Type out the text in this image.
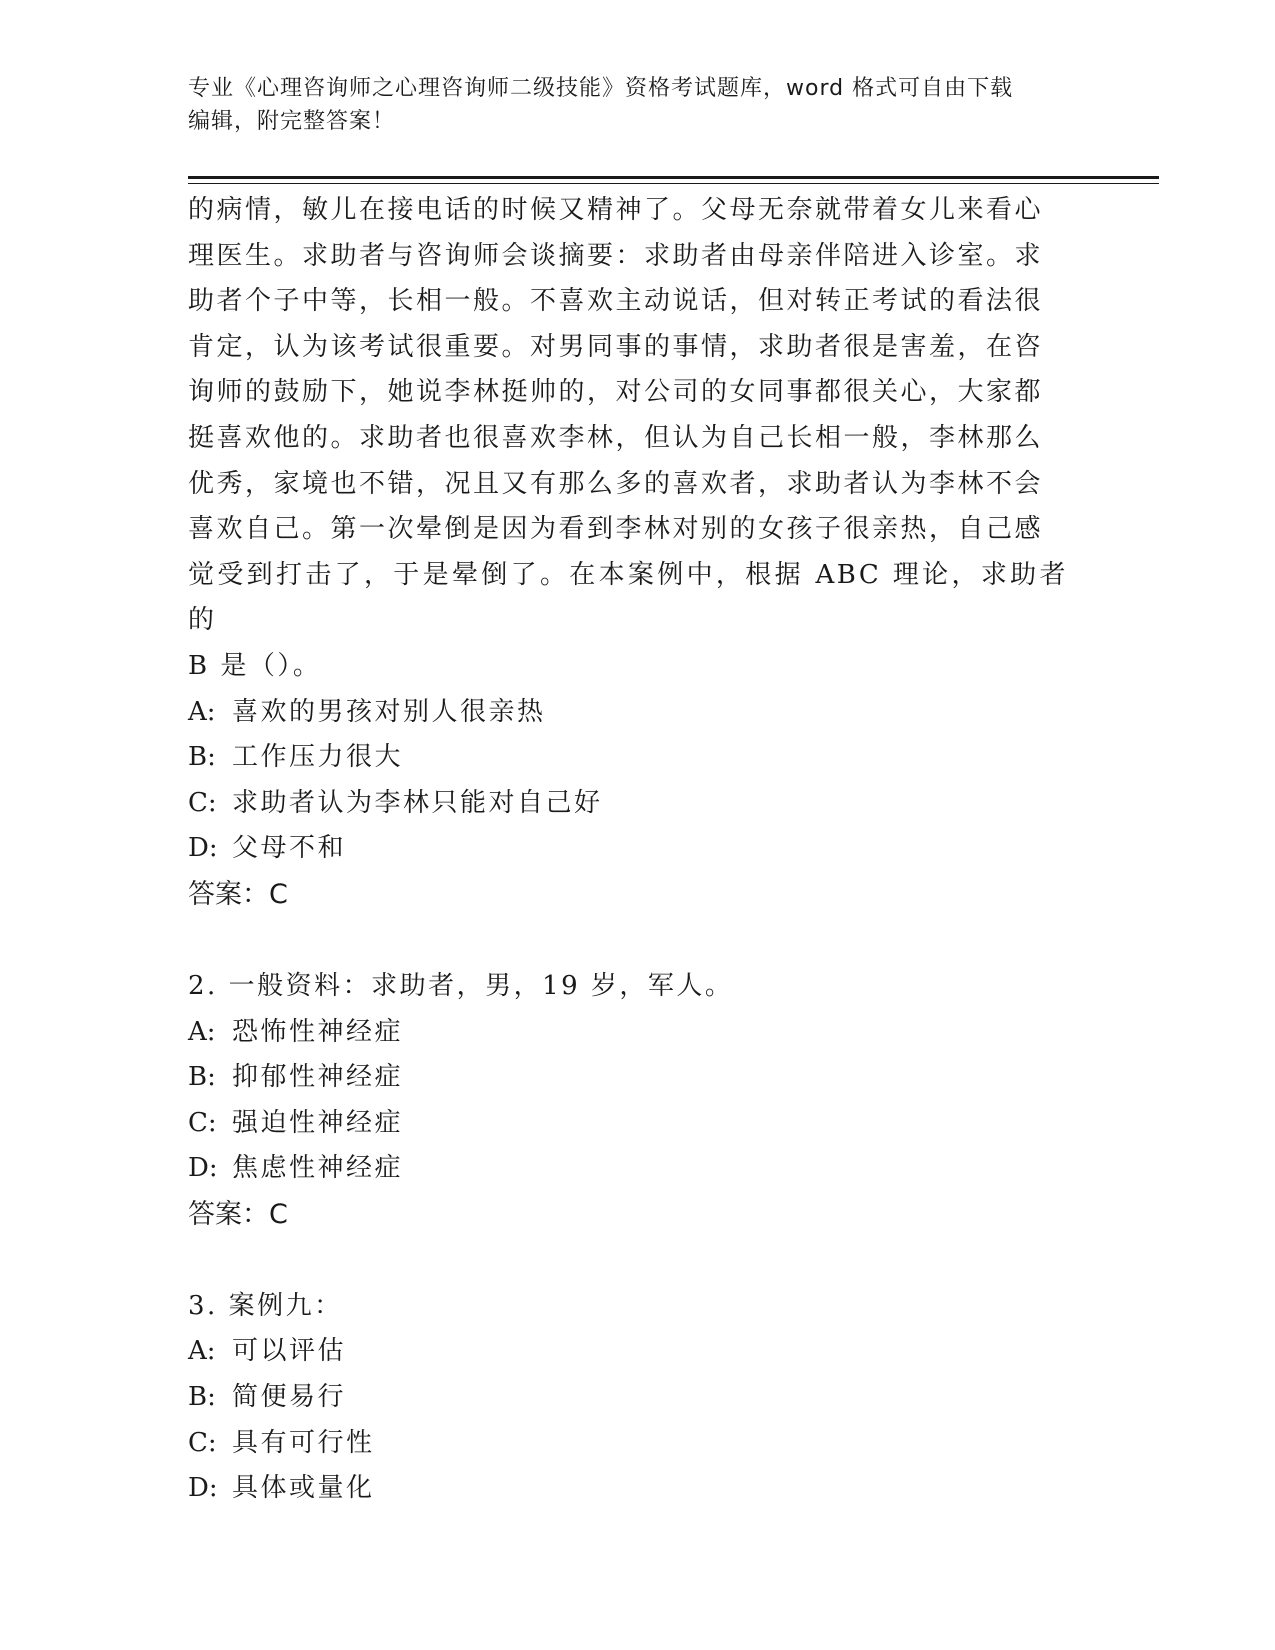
专业《心理咨询师之心理咨询师二级技能》资格考试题库，word 格式可自由下载
编辑，附完整答案！

的病情，敏儿在接电话的时候又精神了。父母无奈就带着女儿来看心

理医生。求助者与咨询师会谈摘要：求助者由母亲伴陪进入诊室。求

助者个子中等，长相一般。不喜欢主动说话，但对转正考试的看法很

肯定，认为该考试很重要。对男同事的事情，求助者很是害羞，在咨

询师的鼓励下，她说李林挺帅的，对公司的女同事都很关心，大家都

挺喜欢他的。求助者也很喜欢李林，但认为自己长相一般，李林那么

优秀，家境也不错，况且又有那么多的喜欢者，求助者认为李林不会

喜欢自己。第一次晕倒是因为看到李林对别的女孩子很亲热，自己感

觉受到打击了，于是晕倒了。在本案例中，根据 ABC 理论，求助者的

B 是（）。

A: 喜欢的男孩对别人很亲热

B: 工作压力很大

C: 求助者认为李林只能对自己好

D: 父母不和

答案：C

2. 一般资料：求助者，男，19 岁，军人。

A: 恐怖性神经症

B: 抑郁性神经症

C: 强迫性神经症

D: 焦虑性神经症

答案：C

3. 案例九：

A: 可以评估

B: 简便易行

C: 具有可行性

D: 具体或量化
